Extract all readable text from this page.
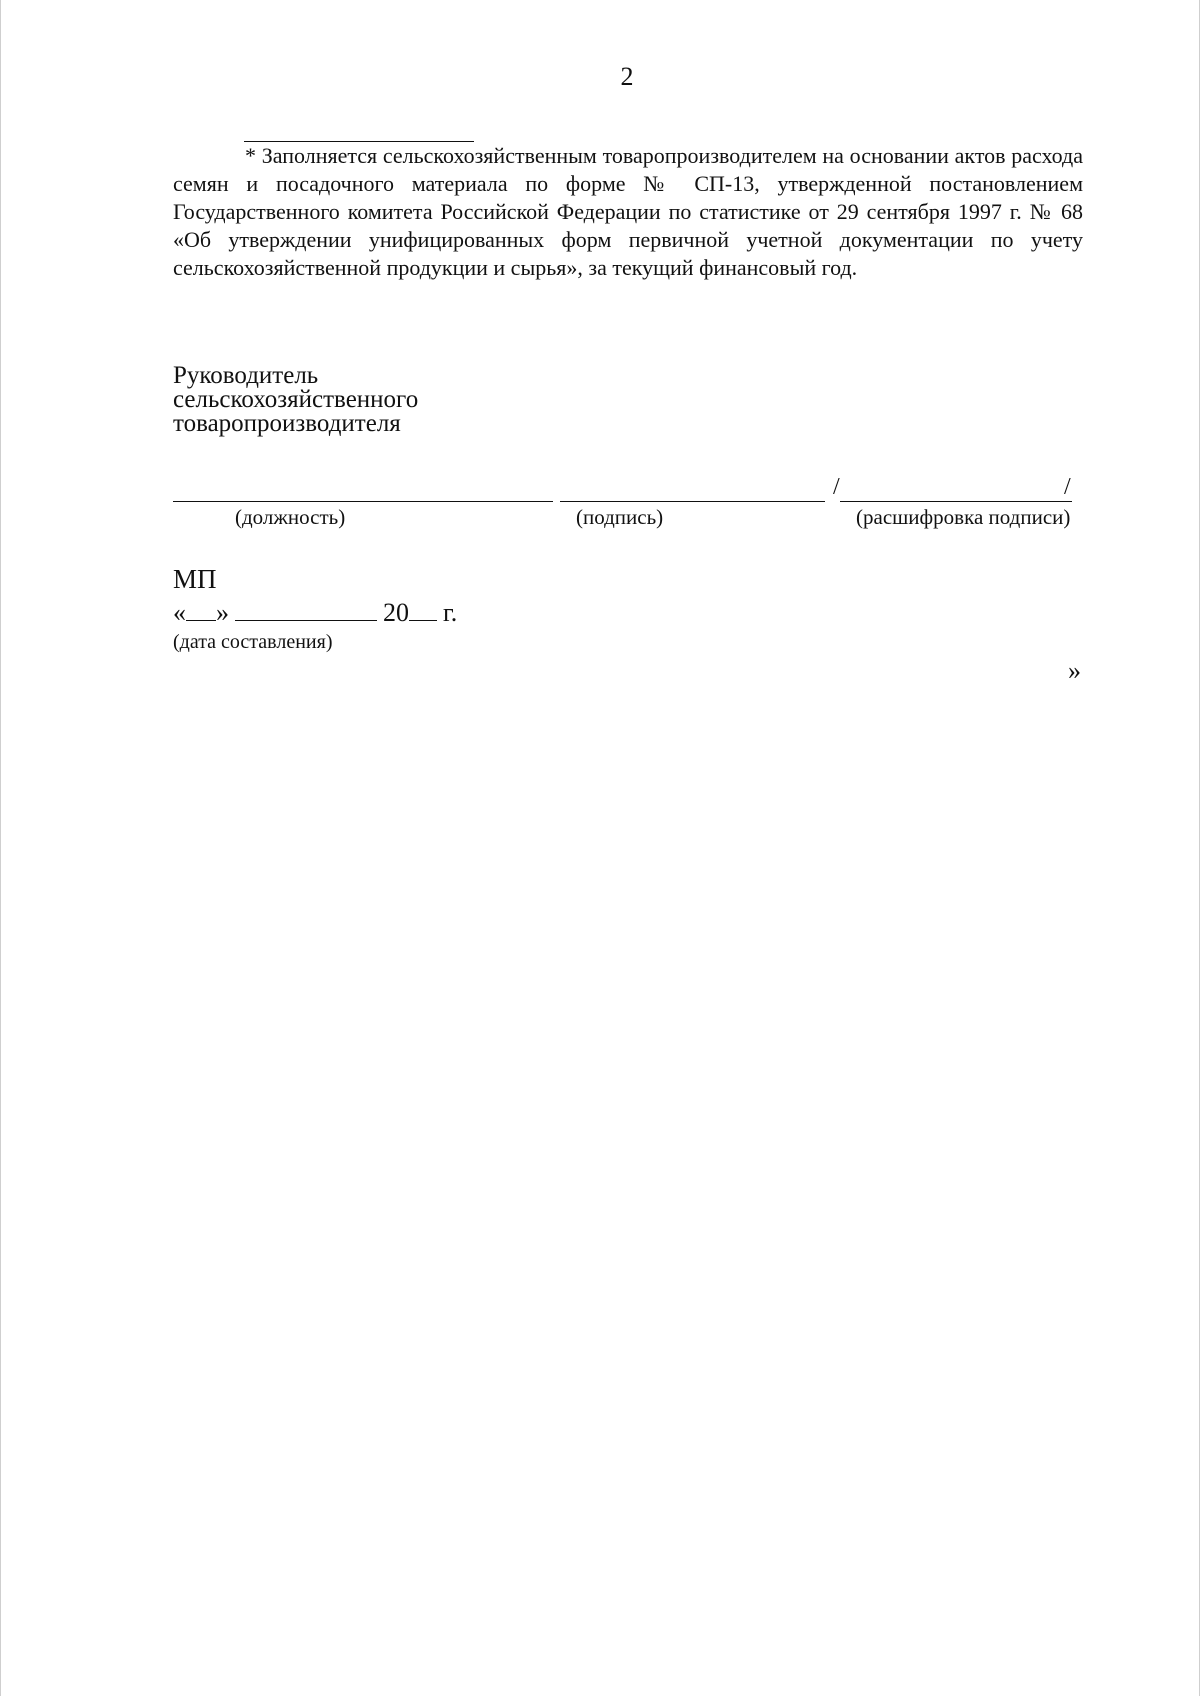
2
* Заполняется сельскохозяйственным товаропроизводителем на основании актов расхода семян и посадочного материала по форме № СП-13, утвержденной постановлением Государственного комитета Российской Федерации по статистике от 29 сентября 1997 г. № 68 «Об утверждении унифицированных форм первичной учетной документации по учету сельскохозяйственной продукции и сырья», за текущий финансовый год.
Руководитель
сельскохозяйственного
товаропроизводителя
/	/
(должность)	(подпись)	(расшифровка подписи)
МП
« »	20 г.
(дата составления)
»
